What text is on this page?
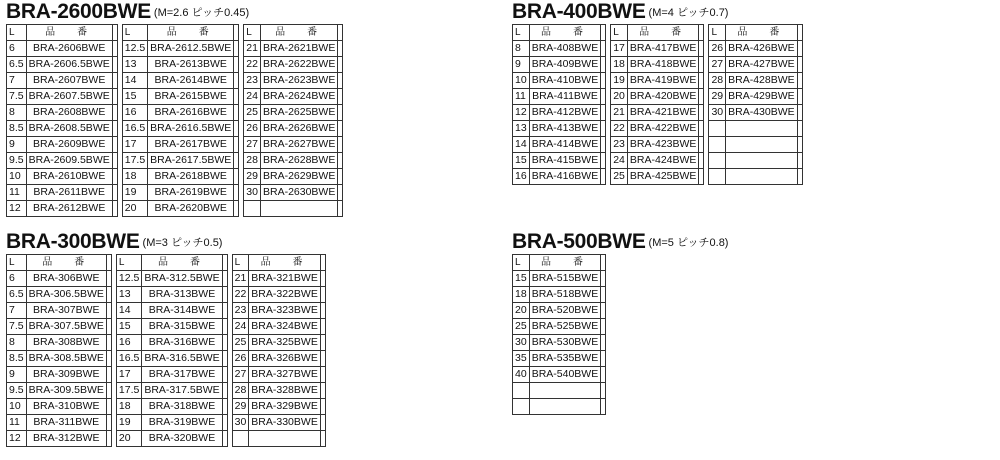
BRA-2600BWE (M=2.6 ピッチ0.45)
L	品　番	
6	BRA-2606BWE	
6.5	BRA-2606.5BWE	
7	BRA-2607BWE	
7.5	BRA-2607.5BWE	
8	BRA-2608BWE	
8.5	BRA-2608.5BWE	
9	BRA-2609BWE	
9.5	BRA-2609.5BWE	
10	BRA-2610BWE	
11	BRA-2611BWE	
12	BRA-2612BWE	
L	品　番	
12.5	BRA-2612.5BWE	
13	BRA-2613BWE	
14	BRA-2614BWE	
15	BRA-2615BWE	
16	BRA-2616BWE	
16.5	BRA-2616.5BWE	
17	BRA-2617BWE	
17.5	BRA-2617.5BWE	
18	BRA-2618BWE	
19	BRA-2619BWE	
20	BRA-2620BWE	
L	品　番	
21	BRA-2621BWE	
22	BRA-2622BWE	
23	BRA-2623BWE	
24	BRA-2624BWE	
25	BRA-2625BWE	
26	BRA-2626BWE	
27	BRA-2627BWE	
28	BRA-2628BWE	
29	BRA-2629BWE	
30	BRA-2630BWE	

BRA-400BWE (M=4 ピッチ0.7)
L	品　番	
8	BRA-408BWE	
9	BRA-409BWE	
10	BRA-410BWE	
11	BRA-411BWE	
12	BRA-412BWE	
13	BRA-413BWE	
14	BRA-414BWE	
15	BRA-415BWE	
16	BRA-416BWE	
L	品　番	
17	BRA-417BWE	
18	BRA-418BWE	
19	BRA-419BWE	
20	BRA-420BWE	
21	BRA-421BWE	
22	BRA-422BWE	
23	BRA-423BWE	
24	BRA-424BWE	
25	BRA-425BWE	
L	品　番	
26	BRA-426BWE	
27	BRA-427BWE	
28	BRA-428BWE	
29	BRA-429BWE	
30	BRA-430BWE	

BRA-300BWE (M=3 ピッチ0.5)
L	品　番	
6	BRA-306BWE	
6.5	BRA-306.5BWE	
7	BRA-307BWE	
7.5	BRA-307.5BWE	
8	BRA-308BWE	
8.5	BRA-308.5BWE	
9	BRA-309BWE	
9.5	BRA-309.5BWE	
10	BRA-310BWE	
11	BRA-311BWE	
12	BRA-312BWE	
L	品　番	
12.5	BRA-312.5BWE	
13	BRA-313BWE	
14	BRA-314BWE	
15	BRA-315BWE	
16	BRA-316BWE	
16.5	BRA-316.5BWE	
17	BRA-317BWE	
17.5	BRA-317.5BWE	
18	BRA-318BWE	
19	BRA-319BWE	
20	BRA-320BWE	
L	品　番	
21	BRA-321BWE	
22	BRA-322BWE	
23	BRA-323BWE	
24	BRA-324BWE	
25	BRA-325BWE	
26	BRA-326BWE	
27	BRA-327BWE	
28	BRA-328BWE	
29	BRA-329BWE	
30	BRA-330BWE	

BRA-500BWE (M=5 ピッチ0.8)
L	品　番	
15	BRA-515BWE	
18	BRA-518BWE	
20	BRA-520BWE	
25	BRA-525BWE	
30	BRA-530BWE	
35	BRA-535BWE	
40	BRA-540BWE	
